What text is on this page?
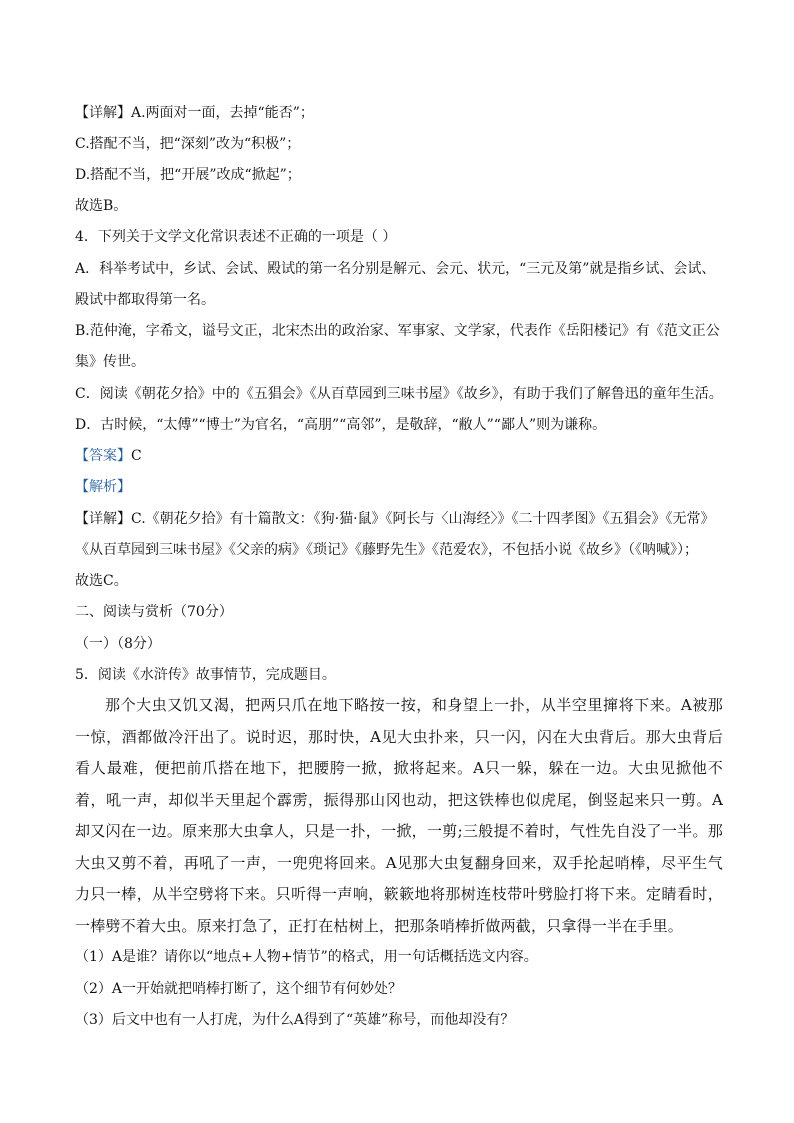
【详解】A.两面对一面，去掉“能否”；
C.搭配不当，把“深刻”改为“积极”；
D.搭配不当，把“开展”改成“掀起”；
故选B。
4．下列关于文学文化常识表述不正确的一项是（ ）
A．科举考试中，乡试、会试、殿试的第一名分别是解元、会元、状元，“三元及第”就是指乡试、会试、
殿试中都取得第一名。
B.范仲淹，字希文，谥号文正，北宋杰出的政治家、军事家、文学家，代表作《岳阳楼记》有《范文正公
集》传世。
C．阅读《朝花夕拾》中的《五猖会》《从百草园到三味书屋》《故乡》，有助于我们了解鲁迅的童年生活。
D．古时候，“太傅”“博士”为官名，“高朋”“高邻”，是敬辞，“敝人”“鄙人”则为谦称。
【答案】C
【解析】
【详解】C.《朝花夕拾》有十篇散文：《狗·猫·鼠》《阿长与〈山海经〉》《二十四孝图》《五猖会》《无常》
《从百草园到三味书屋》《父亲的病》《琐记》《藤野先生》《范爱农》，不包括小说《故乡》（《呐喊》）；
故选C。
二、阅读与赏析（70分）
（一）（8分）
5．阅读《水浒传》故事情节，完成题目。
那个大虫又饥又渴，把两只爪在地下略按一按，和身望上一扑，从半空里撺将下来。A被那一惊，酒都做冷汗出了。说时迟，那时快，A见大虫扑来，只一闪，闪在大虫背后。那大虫背后看人最难，便把前爪搭在地下，把腰胯一掀，掀将起来。A只一躲，躲在一边。大虫见掀他不着，吼一声，却似半天里起个霹雳，振得那山冈也动，把这铁棒也似虎尾，倒竖起来只一剪。A却又闪在一边。原来那大虫拿人，只是一扑，一掀，一剪;三般提不着时，气性先自没了一半。那大虫又剪不着，再吼了一声，一兜兜将回来。A见那大虫复翻身回来，双手抡起哨棒，尽平生气力只一棒，从半空劈将下来。只听得一声响，簌簌地将那树连枝带叶劈脸打将下来。定睛看时，一棒劈不着大虫。原来打急了，正打在枯树上，把那条哨棒折做两截，只拿得一半在手里。
（1）A是谁？请你以“地点+人物+情节”的格式，用一句话概括选文内容。
（2）A一开始就把哨棒打断了，这个细节有何妙处？
（3）后文中也有一人打虎，为什么A得到了“英雄”称号，而他却没有？
